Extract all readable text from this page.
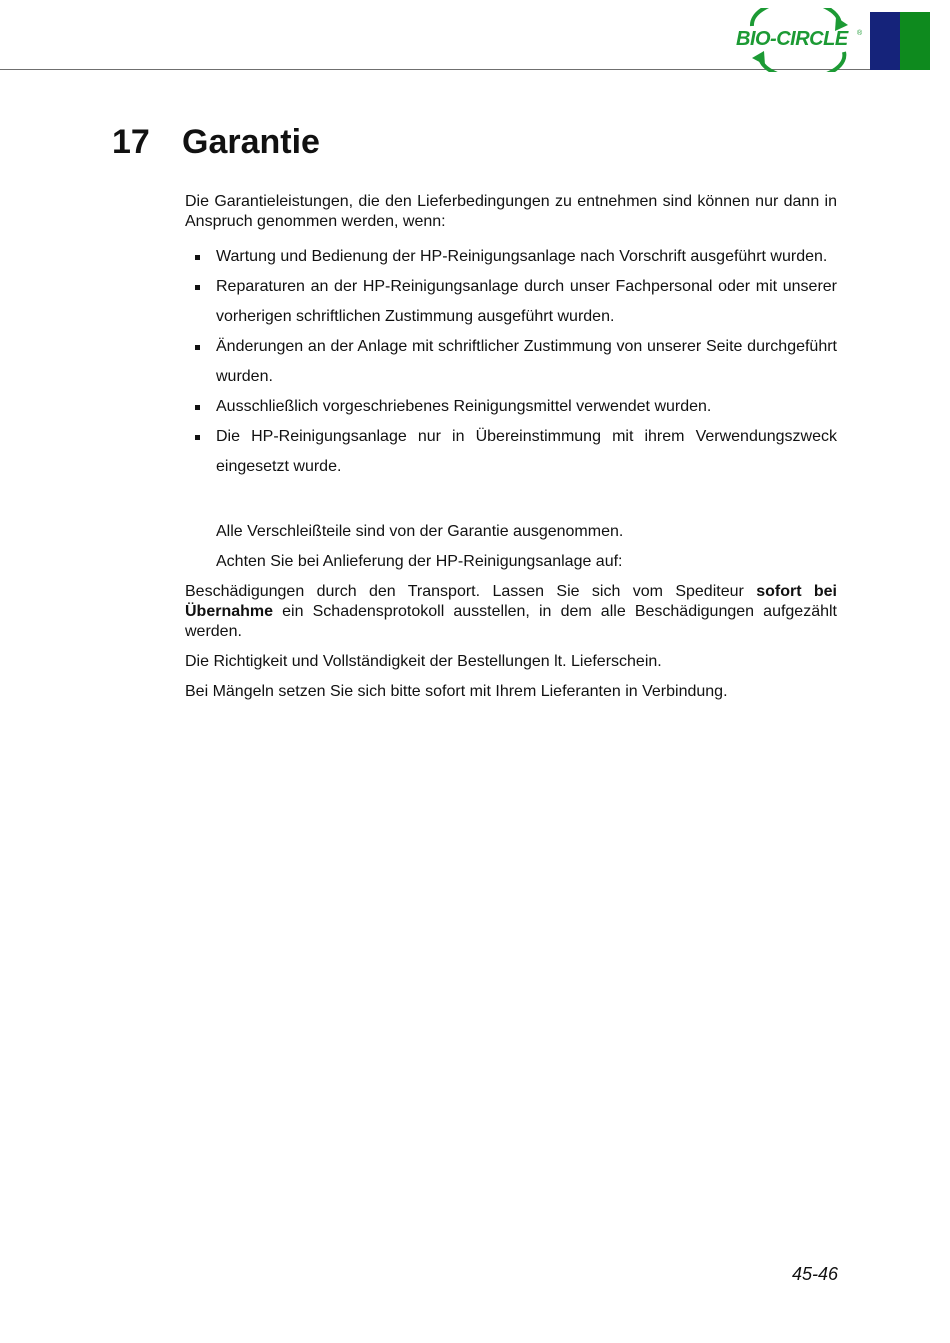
BIO-CIRCLE ®
17 Garantie

Die Garantieleistungen, die den Lieferbedingungen zu entnehmen sind können nur dann in Anspruch genommen werden, wenn:

Wartung und Bedienung der HP-Reinigungsanlage nach Vorschrift ausgeführt wurden.
Reparaturen an der HP-Reinigungsanlage durch unser Fachpersonal oder mit unserer vorherigen schriftlichen Zustimmung ausgeführt wurden.
Änderungen an der Anlage mit schriftlicher Zustimmung von unserer Seite durchgeführt wurden.
Ausschließlich vorgeschriebenes Reinigungsmittel verwendet wurden.
Die HP-Reinigungsanlage nur in Übereinstimmung mit ihrem Verwendungszweck eingesetzt wurde.

Alle Verschleißteile sind von der Garantie ausgenommen.

Achten Sie bei Anlieferung der HP-Reinigungsanlage auf:

Beschädigungen durch den Transport. Lassen Sie sich vom Spediteur sofort bei Übernahme ein Schadensprotokoll ausstellen, in dem alle Beschädigungen aufgezählt werden.

Die Richtigkeit und Vollständigkeit der Bestellungen lt. Lieferschein.

Bei Mängeln setzen Sie sich bitte sofort mit Ihrem Lieferanten in Verbindung.

45-46
